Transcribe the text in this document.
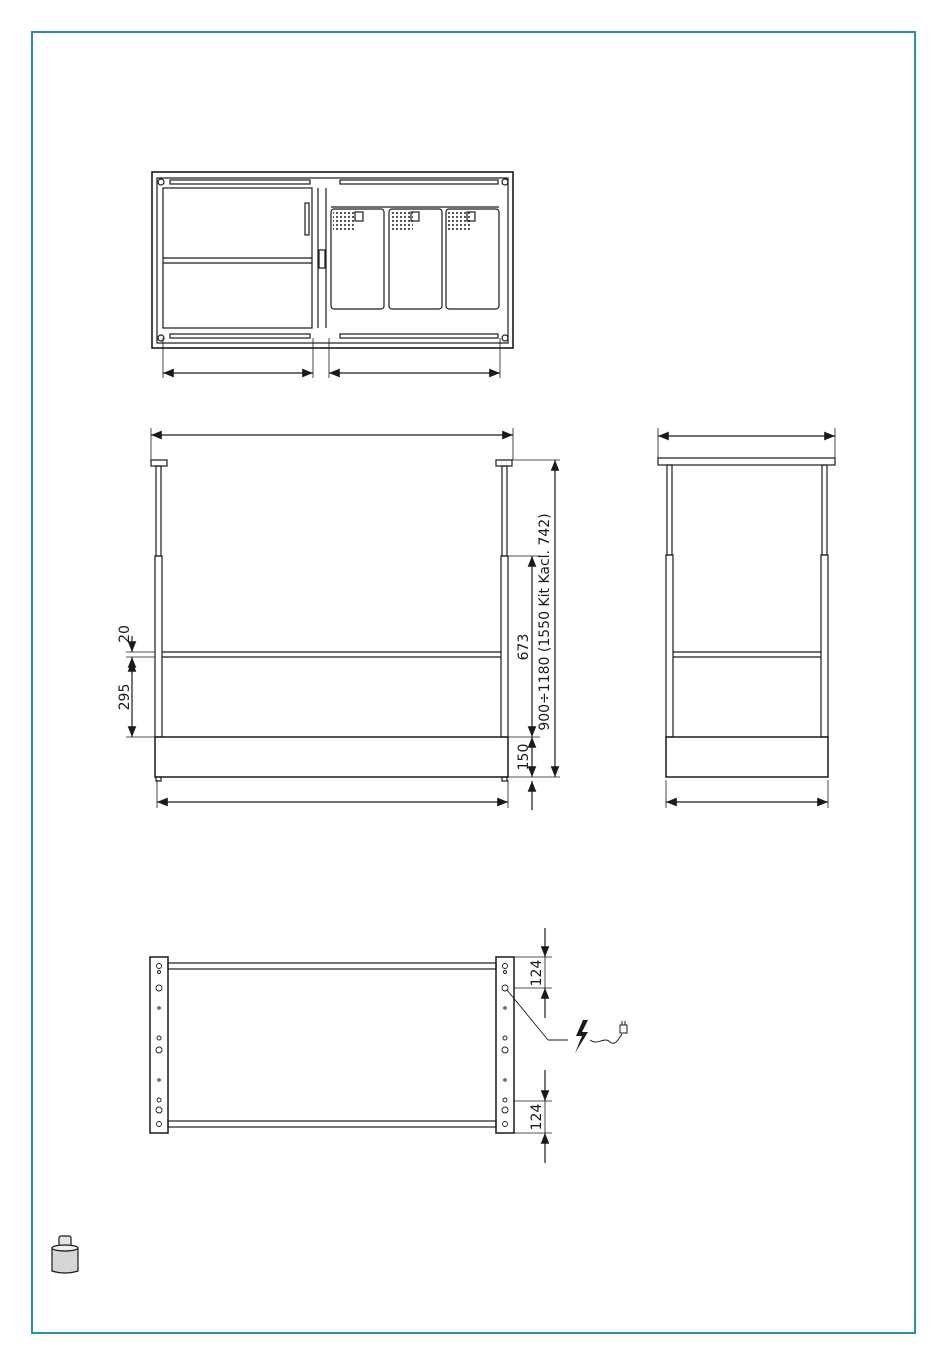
20
295
673 900÷1180 (1550 Kit Kacl. 742)
150
124
124
